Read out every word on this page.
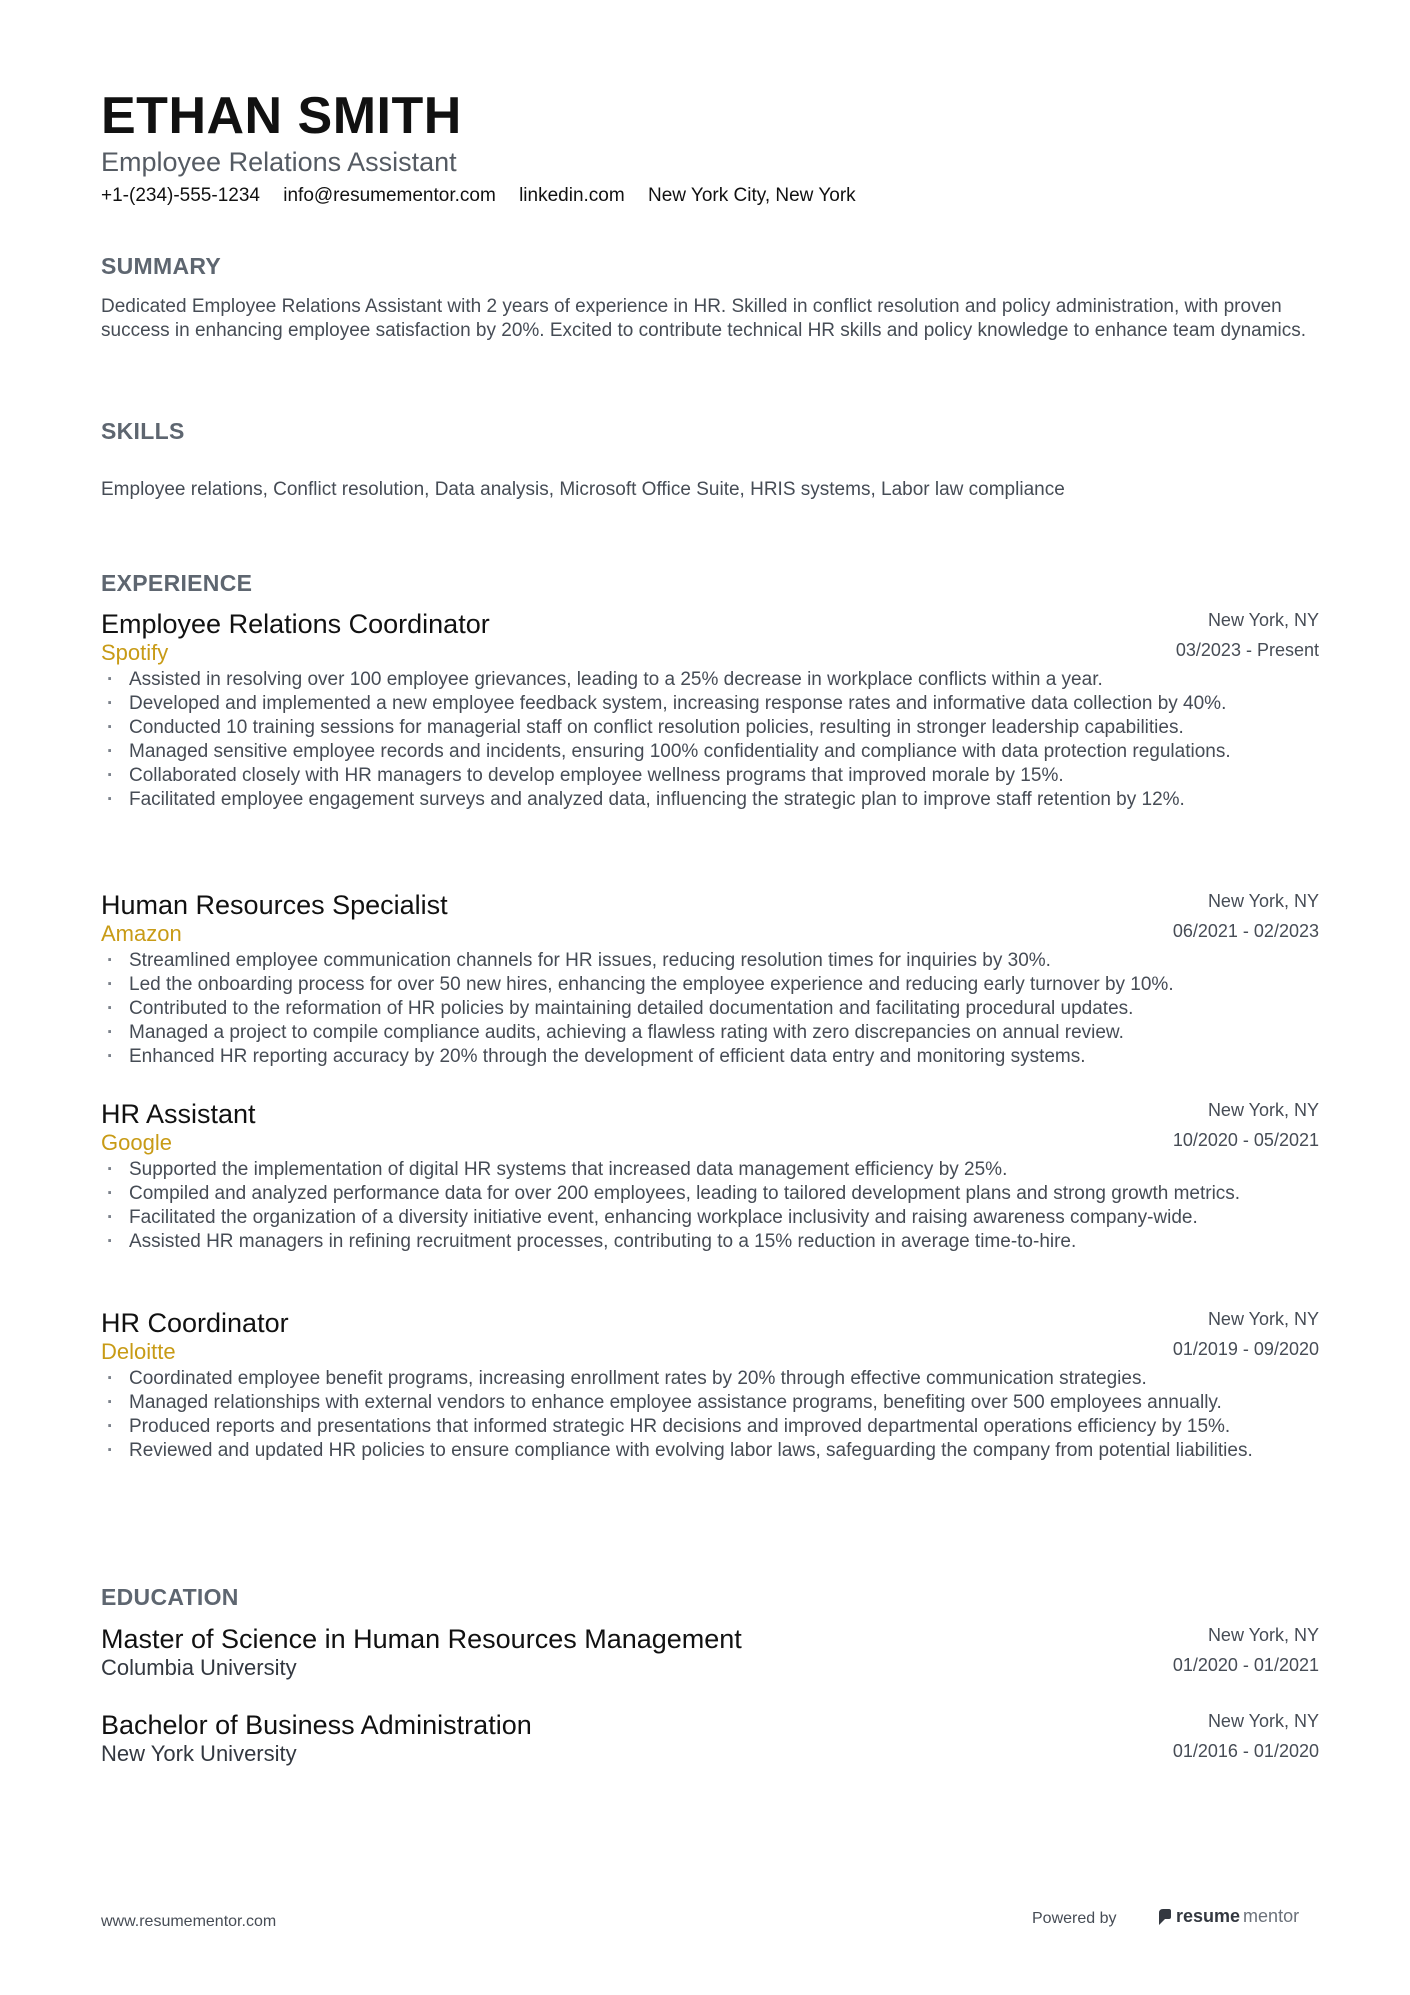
ETHAN SMITH
Employee Relations Assistant
+1-(234)-555-1234 info@resumementor.com linkedin.com New York City, New York
SUMMARY
Dedicated Employee Relations Assistant with 2 years of experience in HR. Skilled in conflict resolution and policy administration, with proven success in enhancing employee satisfaction by 20%. Excited to contribute technical HR skills and policy knowledge to enhance team dynamics.
SKILLS
Employee relations, Conflict resolution, Data analysis, Microsoft Office Suite, HRIS systems, Labor law compliance
EXPERIENCE
Employee Relations Coordinator
Spotify
New York, NY
03/2023 - Present
· Assisted in resolving over 100 employee grievances, leading to a 25% decrease in workplace conflicts within a year.
· Developed and implemented a new employee feedback system, increasing response rates and informative data collection by 40%.
· Conducted 10 training sessions for managerial staff on conflict resolution policies, resulting in stronger leadership capabilities.
· Managed sensitive employee records and incidents, ensuring 100% confidentiality and compliance with data protection regulations.
· Collaborated closely with HR managers to develop employee wellness programs that improved morale by 15%.
· Facilitated employee engagement surveys and analyzed data, influencing the strategic plan to improve staff retention by 12%.
Human Resources Specialist
Amazon
New York, NY
06/2021 - 02/2023
· Streamlined employee communication channels for HR issues, reducing resolution times for inquiries by 30%.
· Led the onboarding process for over 50 new hires, enhancing the employee experience and reducing early turnover by 10%.
· Contributed to the reformation of HR policies by maintaining detailed documentation and facilitating procedural updates.
· Managed a project to compile compliance audits, achieving a flawless rating with zero discrepancies on annual review.
· Enhanced HR reporting accuracy by 20% through the development of efficient data entry and monitoring systems.
HR Assistant
Google
New York, NY
10/2020 - 05/2021
· Supported the implementation of digital HR systems that increased data management efficiency by 25%.
· Compiled and analyzed performance data for over 200 employees, leading to tailored development plans and strong growth metrics.
· Facilitated the organization of a diversity initiative event, enhancing workplace inclusivity and raising awareness company-wide.
· Assisted HR managers in refining recruitment processes, contributing to a 15% reduction in average time-to-hire.
HR Coordinator
Deloitte
New York, NY
01/2019 - 09/2020
· Coordinated employee benefit programs, increasing enrollment rates by 20% through effective communication strategies.
· Managed relationships with external vendors to enhance employee assistance programs, benefiting over 500 employees annually.
· Produced reports and presentations that informed strategic HR decisions and improved departmental operations efficiency by 15%.
· Reviewed and updated HR policies to ensure compliance with evolving labor laws, safeguarding the company from potential liabilities.
EDUCATION
Master of Science in Human Resources Management
Columbia University
New York, NY
01/2020 - 01/2021
Bachelor of Business Administration
New York University
New York, NY
01/2016 - 01/2020
www.resumementor.com	Powered by	resume mentor
